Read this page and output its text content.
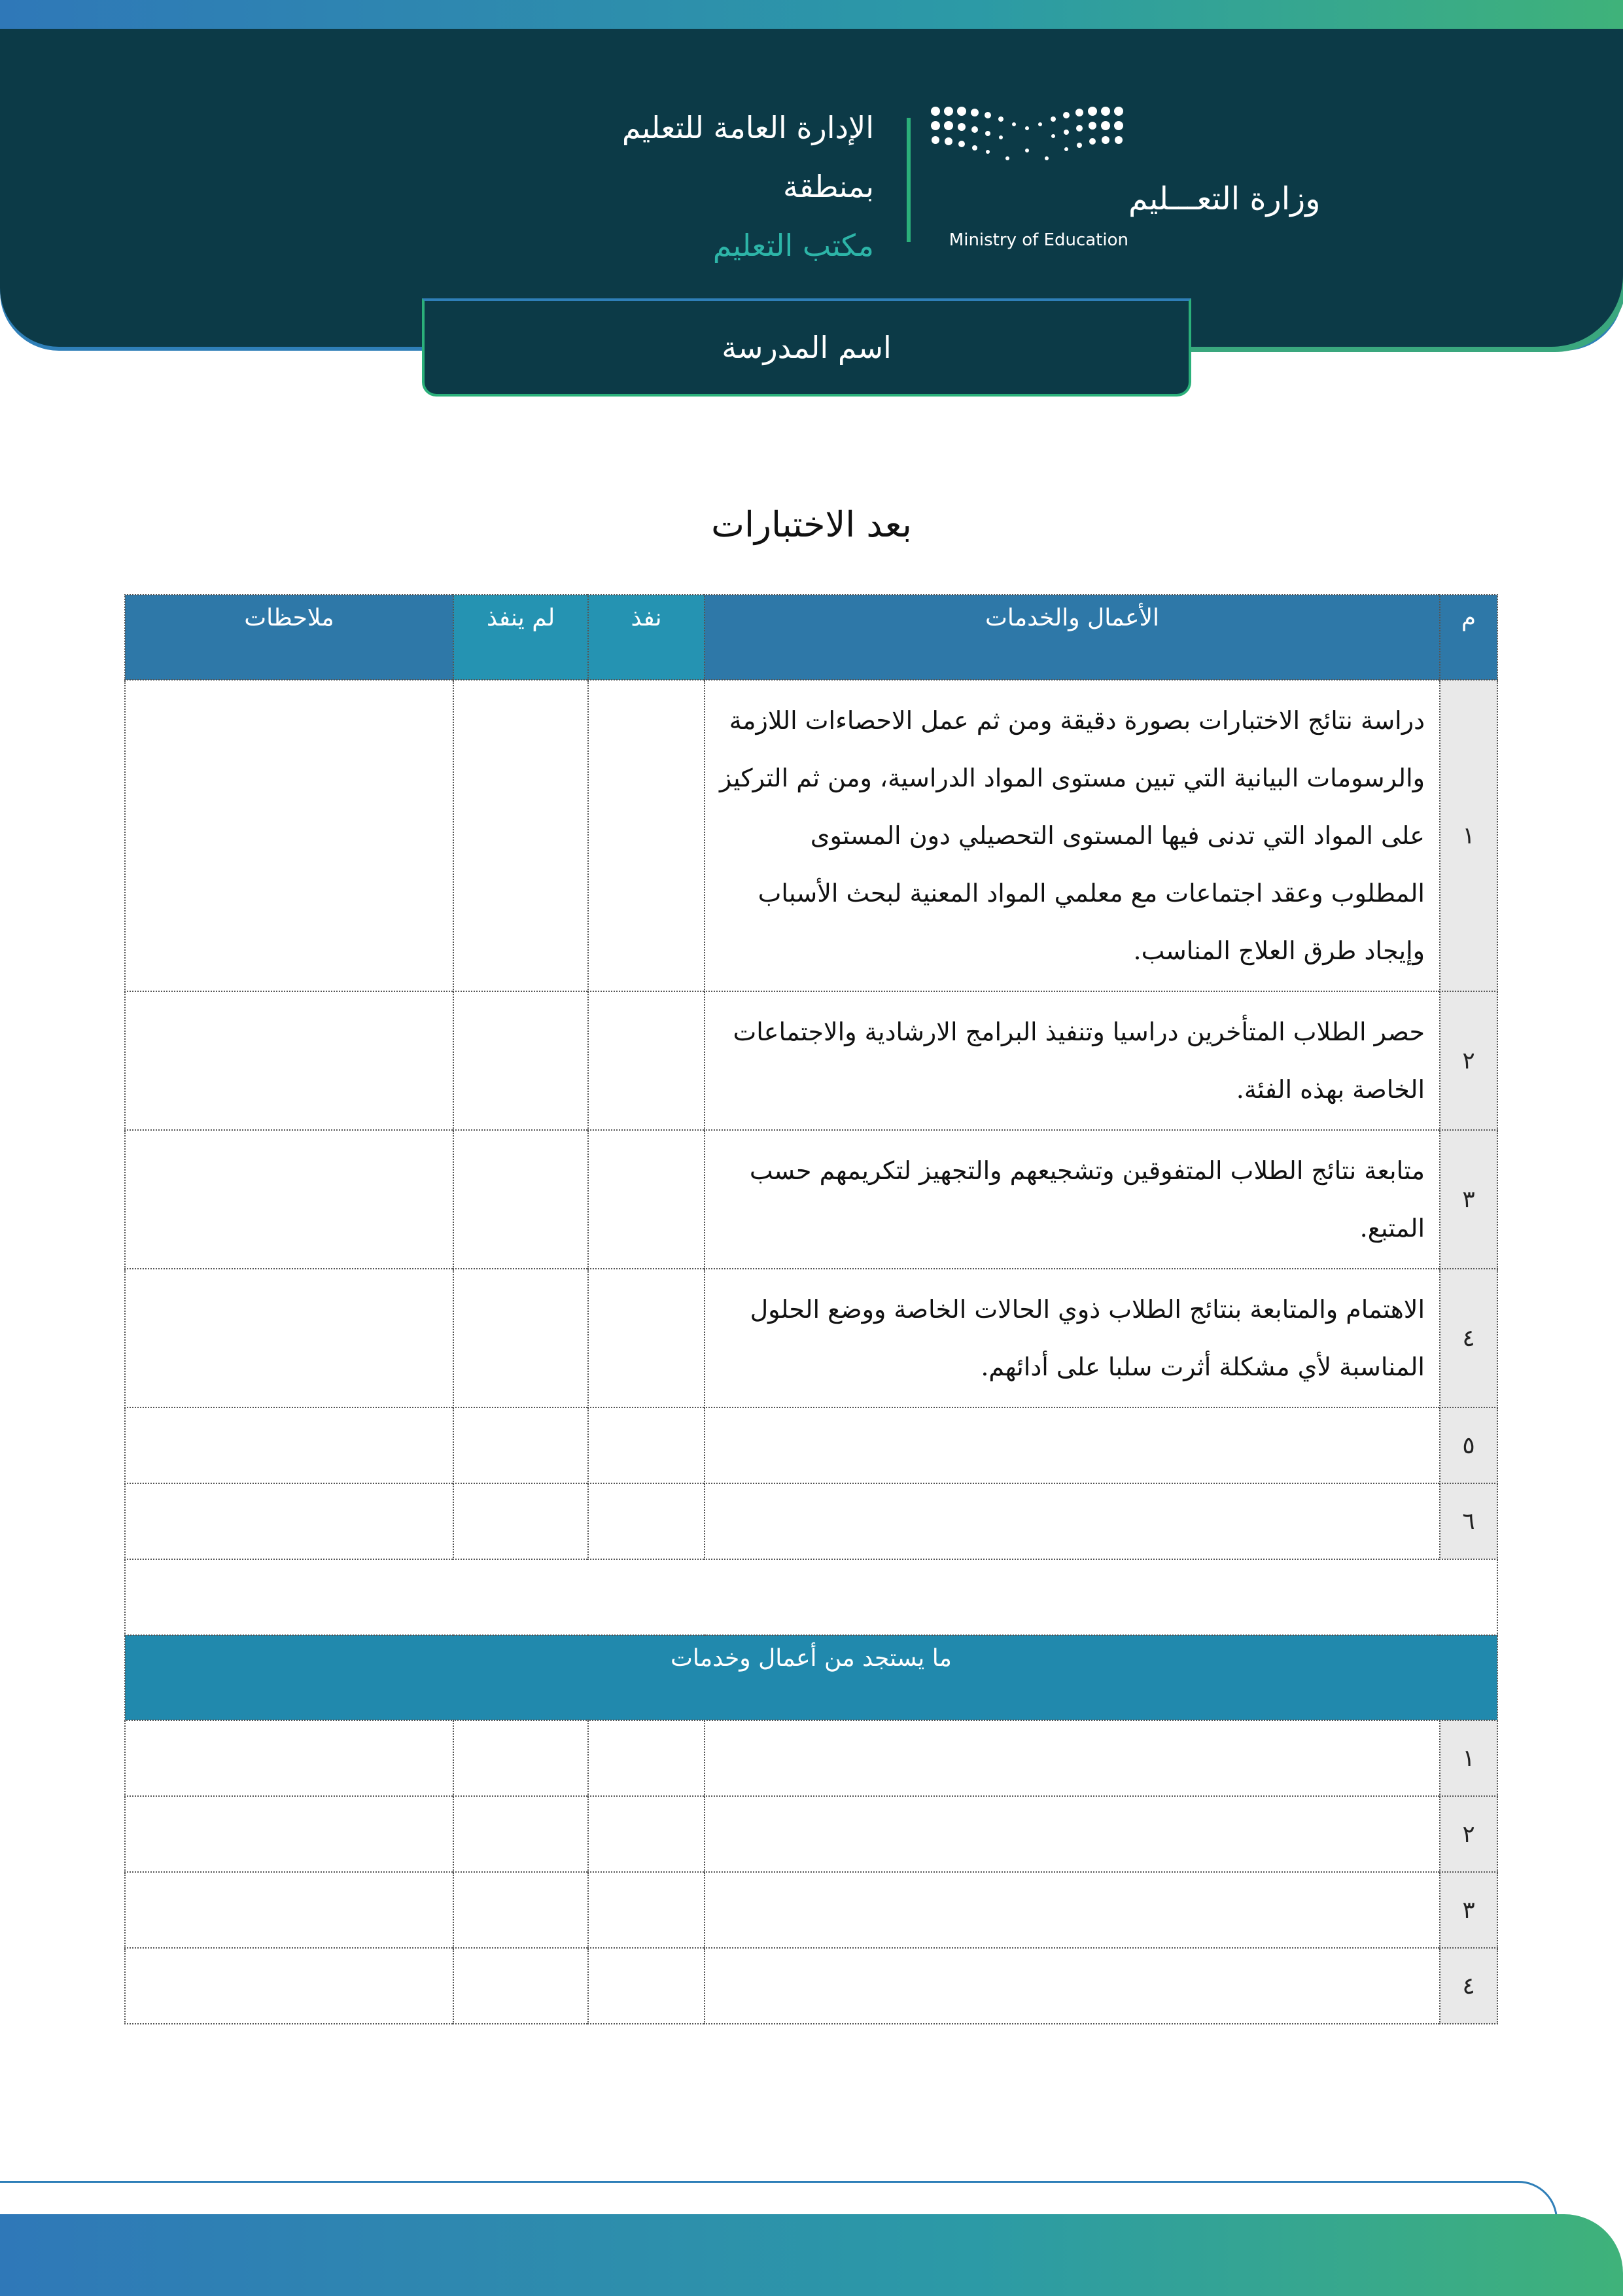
وزارة التعـــليم
Ministry of Education
الإدارة العامة للتعليم
بمنطقة
مكتب التعليم
اسم المدرسة
بعد الاختبارات
م	الأعمال والخدمات	نفذ	لم ينفذ	ملاحظات
١	دراسة نتائج الاختبارات بصورة دقيقة ومن ثم عمل الاحصاءات اللازمة والرسومات البيانية التي تبين مستوى المواد الدراسية، ومن ثم التركيز على المواد التي تدنى فيها المستوى التحصيلي دون المستوى المطلوب وعقد اجتماعات مع معلمي المواد المعنية لبحث الأسباب وإيجاد طرق العلاج المناسب.			
٢	حصر الطلاب المتأخرين دراسيا وتنفيذ البرامج الارشادية والاجتماعات الخاصة بهذه الفئة.			
٣	متابعة نتائج الطلاب المتفوقين وتشجيعهم والتجهيز لتكريمهم حسب المتبع.			
٤	الاهتمام والمتابعة بنتائج الطلاب ذوي الحالات الخاصة ووضع الحلول المناسبة لأي مشكلة أثرت سلبا على أدائهم.			
٥				
٦				

ما يستجد من أعمال وخدمات				
١				
٢				
٣				
٤				
